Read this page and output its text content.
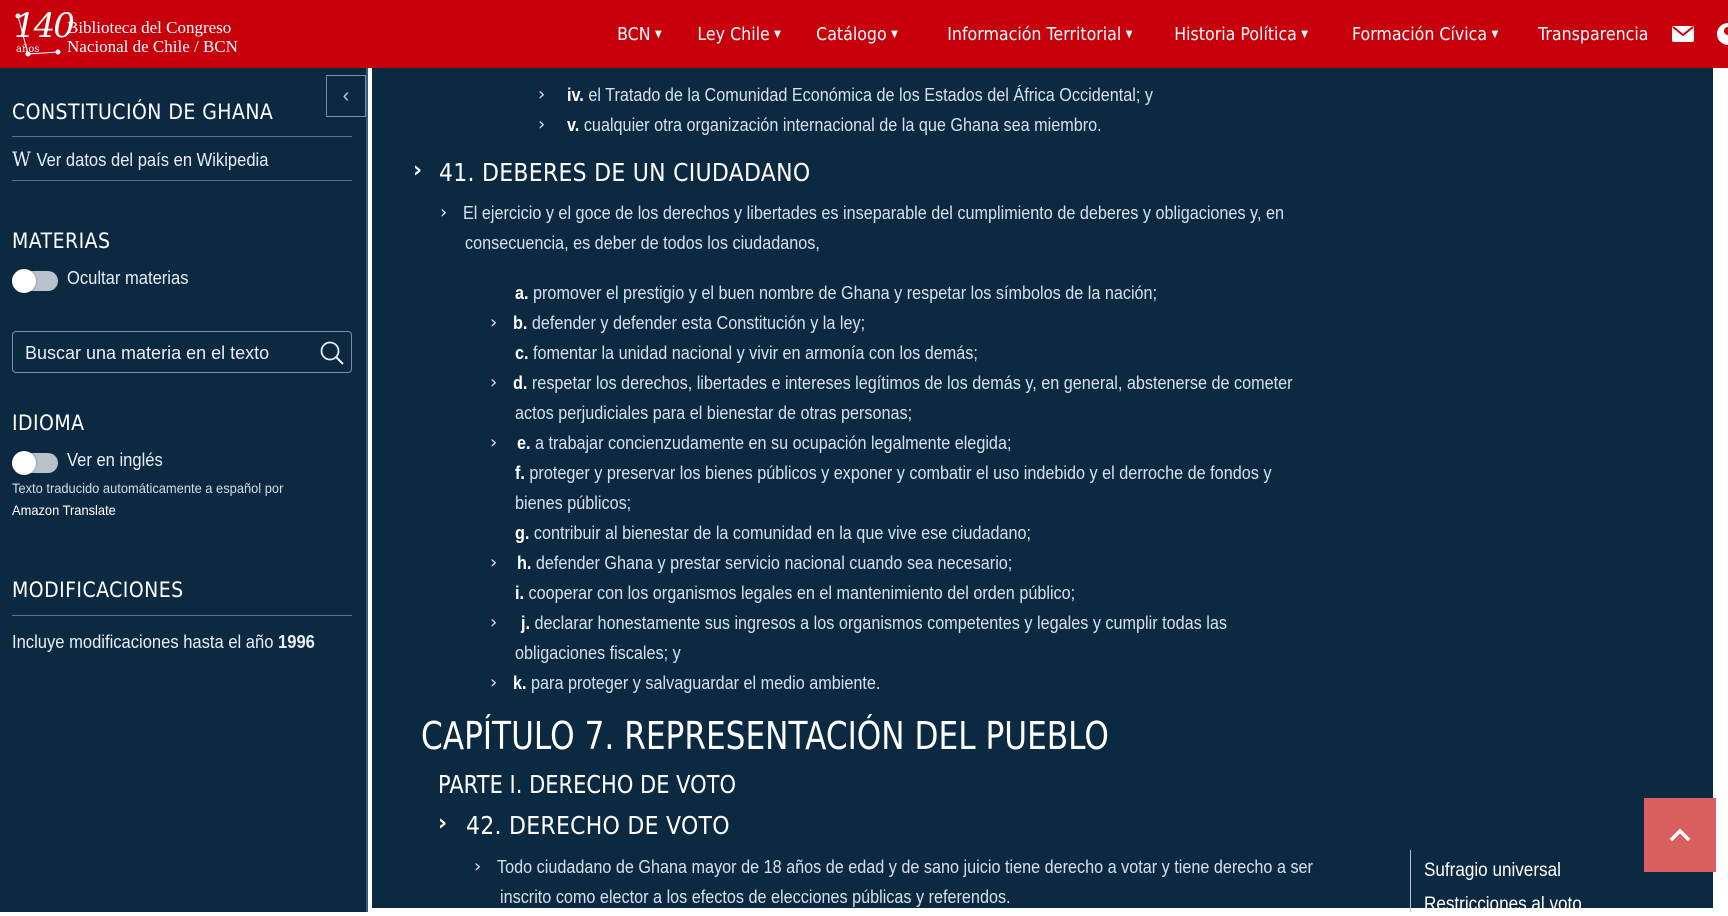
140
años
Biblioteca del Congreso
Nacional de Chile / BCN
BCN ▼ Ley Chile ▼ Catálogo ▼	Información Territorial ▼ Historia Política ▼ Formación Cívica ▼ Transparencia
‹
CONSTITUCIÓN DE GHANA
W Ver datos del país en Wikipedia
MATERIAS
Ocultar materias
Buscar una materia en el texto
IDIOMA
Ver en inglés
Texto traducido automáticamente a español por
Amazon Translate
MODIFICACIONES
Incluye modificaciones hasta el año 1996
› iv. el Tratado de la Comunidad Económica de los Estados del África Occidental; y
› v. cualquier otra organización internacional de la que Ghana sea miembro.
› 41. DEBERES DE UN CIUDADANO
› El ejercicio y el goce de los derechos y libertades es inseparable del cumplimiento de deberes y obligaciones y, en
consecuencia, es deber de todos los ciudadanos,
a. promover el prestigio y el buen nombre de Ghana y respetar los símbolos de la nación;
› b. defender y defender esta Constitución y la ley;
c. fomentar la unidad nacional y vivir en armonía con los demás;
› d. respetar los derechos, libertades e intereses legítimos de los demás y, en general, abstenerse de cometer
actos perjudiciales para el bienestar de otras personas;
› e. a trabajar concienzudamente en su ocupación legalmente elegida;
f. proteger y preservar los bienes públicos y exponer y combatir el uso indebido y el derroche de fondos y
bienes públicos;
g. contribuir al bienestar de la comunidad en la que vive ese ciudadano;
› h. defender Ghana y prestar servicio nacional cuando sea necesario;
i. cooperar con los organismos legales en el mantenimiento del orden público;
› j. declarar honestamente sus ingresos a los organismos competentes y legales y cumplir todas las
obligaciones fiscales; y
› k. para proteger y salvaguardar el medio ambiente.
CAPÍTULO 7. REPRESENTACIÓN DEL PUEBLO
PARTE I. DERECHO DE VOTO
› 42. DERECHO DE VOTO
› Todo ciudadano de Ghana mayor de 18 años de edad y de sano juicio tiene derecho a votar y tiene derecho a ser
inscrito como elector a los efectos de elecciones públicas y referendos.
Sufragio universal
Restricciones al voto
